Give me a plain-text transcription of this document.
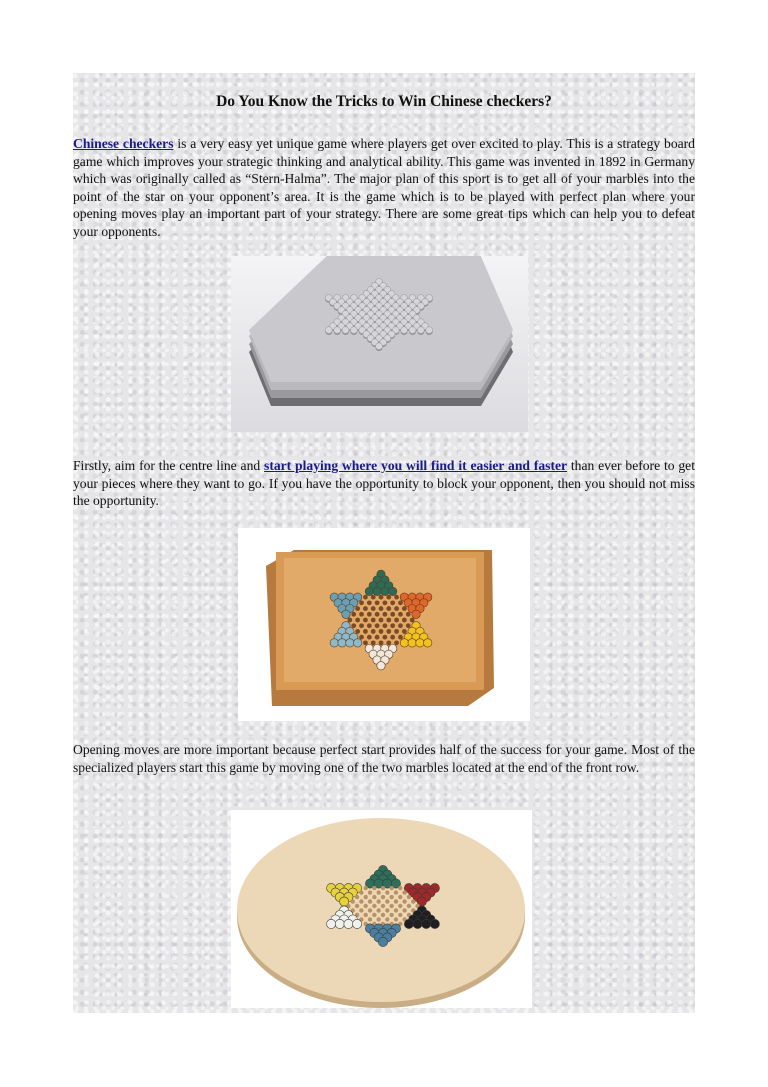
Do You Know the Tricks to Win Chinese checkers?

Chinese checkers is a very easy yet unique game where players get over excited to play. This is a strategy board game which improves your strategic thinking and analytical ability. This game was invented in 1892 in Germany which was originally called as “Stern-Halma”. The major plan of this sport is to get all of your marbles into the point of the star on your opponent’s area. It is the game which is to be played with perfect plan where your opening moves play an important part of your strategy. There are some great tips which can help you to defeat your opponents.

Firstly, aim for the centre line and start playing where you will find it easier and faster than ever before to get your pieces where they want to go. If you have the opportunity to block your opponent, then you should not miss the opportunity.

Opening moves are more important because perfect start provides half of the success for your game. Most of the specialized players start this game by moving one of the two marbles located at the end of the front row.
